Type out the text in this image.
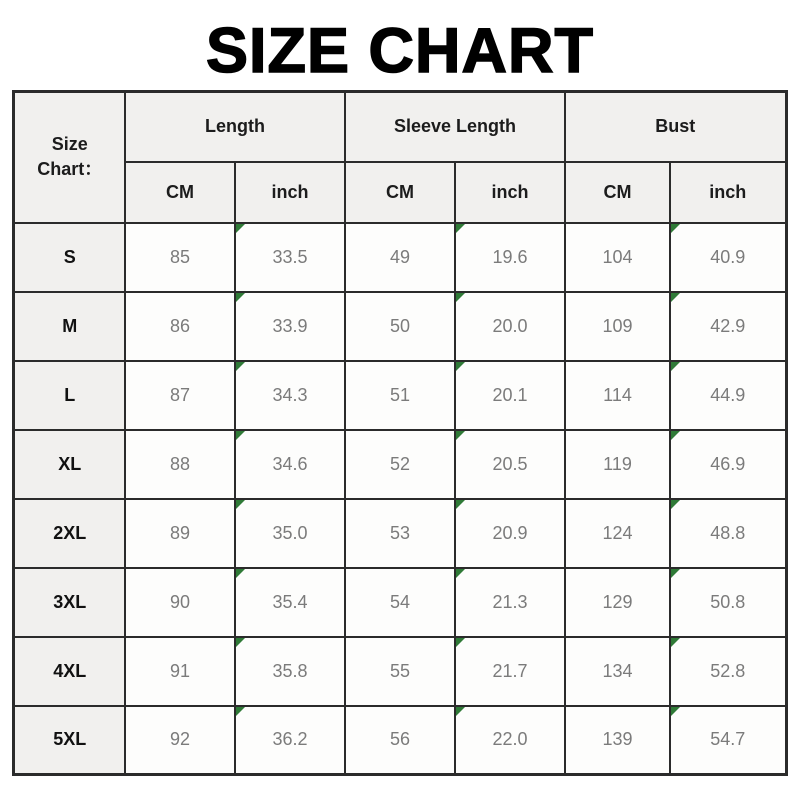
SIZE CHART
Size
Chart：	Length		Sleeve Length		Bust	
	CM	inch	CM	inch	CM	inch
S	85	33.5	49	19.6	104	40.9
M	86	33.9	50	20.0	109	42.9
L	87	34.3	51	20.1	114	44.9
XL	88	34.6	52	20.5	119	46.9
2XL	89	35.0	53	20.9	124	48.8
3XL	90	35.4	54	21.3	129	50.8
4XL	91	35.8	55	21.7	134	52.8
5XL	92	36.2	56	22.0	139	54.7
